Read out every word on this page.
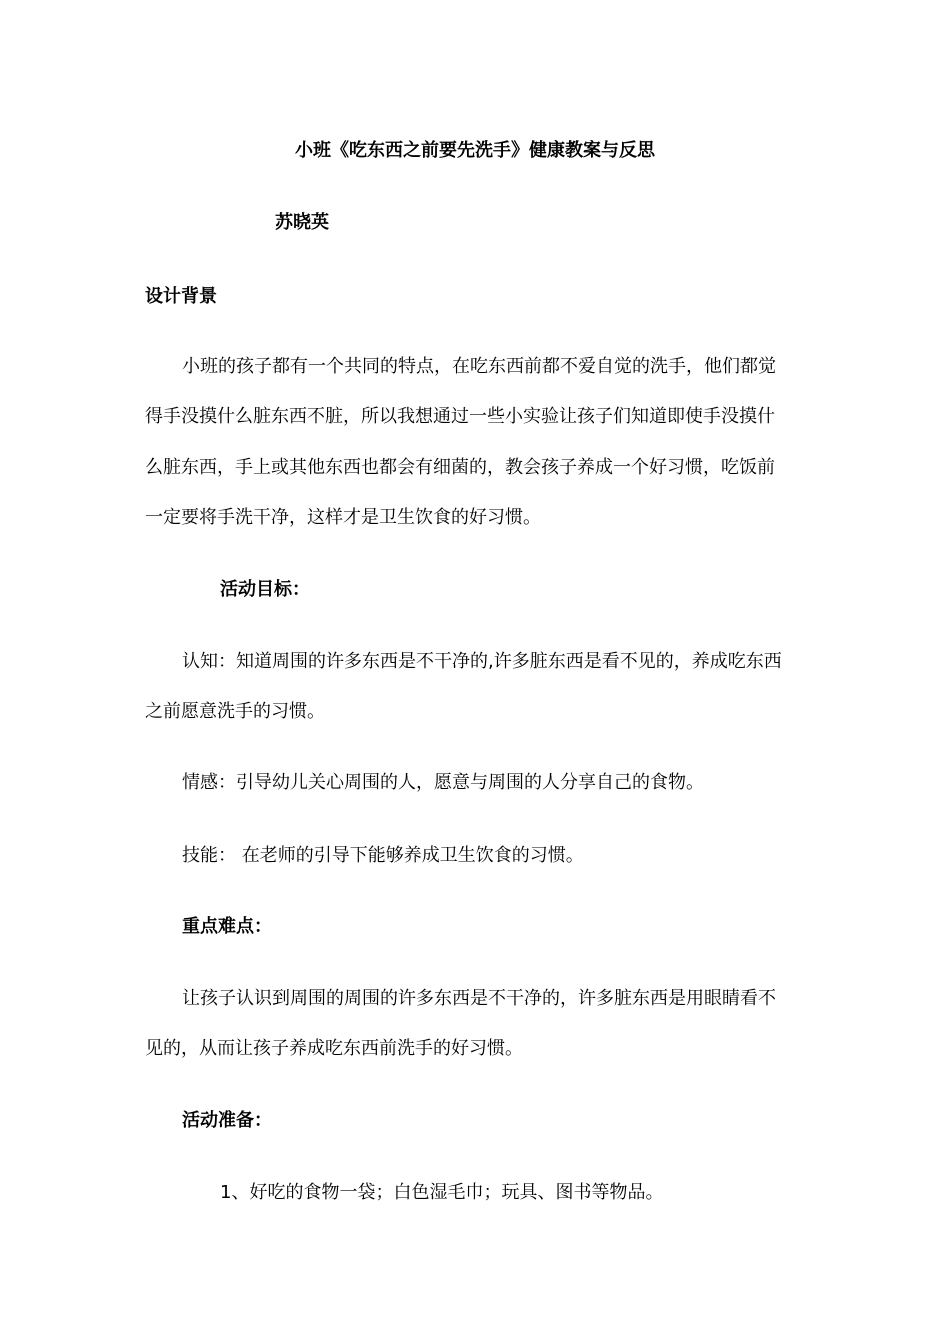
小班《吃东西之前要先洗手》健康教案与反思
苏晓英
设计背景
小班的孩子都有一个共同的特点，在吃东西前都不爱自觉的洗手，他们都觉
得手没摸什么脏东西不脏，所以我想通过一些小实验让孩子们知道即使手没摸什
么脏东西，手上或其他东西也都会有细菌的，教会孩子养成一个好习惯，吃饭前
一定要将手洗干净，这样才是卫生饮食的好习惯。
活动目标：
认知：知道周围的许多东西是不干净的,许多脏东西是看不见的，养成吃东西
之前愿意洗手的习惯。
情感：引导幼儿关心周围的人，愿意与周围的人分享自己的食物。
技能： 在老师的引导下能够养成卫生饮食的习惯。
重点难点：
让孩子认识到周围的周围的许多东西是不干净的，许多脏东西是用眼睛看不
见的，从而让孩子养成吃东西前洗手的好习惯。
活动准备：
1、好吃的食物一袋；白色湿毛巾；玩具、图书等物品。
